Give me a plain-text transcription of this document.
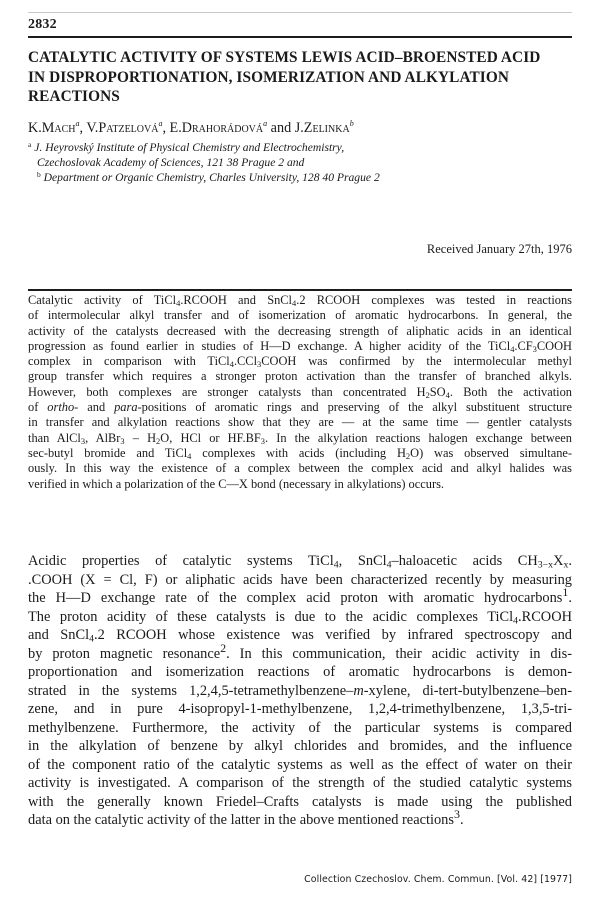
2832
CATALYTIC ACTIVITY OF SYSTEMS LEWIS ACID–BROENSTED ACID
IN DISPROPORTIONATION, ISOMERIZATION AND ALKYLATION
REACTIONS
K.Mach$^a$, V.Patzelová$^a$, E.Drahorádová$^a$ and J.Zelinka$^b$
$^a$ J. Heyrovský Institute of Physical Chemistry and Electrochemistry,
Czechoslovak Academy of Sciences, 121 38 Prague 2 and
$^b$ Department or Organic Chemistry, Charles University, 128 40 Prague 2
Received January 27th, 1976
Catalytic activity of TiCl$_4$.RCOOH and SnCl$_4$.2 RCOOH complexes was tested in reactions
of intermolecular alkyl transfer and of isomerization of aromatic hydrocarbons. In general, the
activity of the catalysts decreased with the decreasing strength of aliphatic acids in an identical
progression as found earlier in studies of H—D exchange. A higher acidity of the $TiCl_4.CF_3COOH$
complex in comparison with TiCl$_4$.CCl$_3$COOH was confirmed by the intermolecular methyl
group transfer which requires a stronger proton activation than the transfer of branched alkyls.
However, both complexes are stronger catalysts than concentrated $H_2SO_4$. Both the activation
of ortho- and para-positions of aromatic rings and preserving of the alkyl substituent structure
in transfer and alkylation reactions show that they are — at the same time — gentler catalysts
than AlCl$_3$, AlBr$_3$ – $H_2O$, HCl or $HF.BF_3$. In the alkylation reactions halogen exchange between
sec-butyl bromide and TiCl$_4$ complexes with acids (including $H_2O$) was observed simultane-
ously. In this way the existence of a complex between the complex acid and alkyl halides was
verified in which a polarization of the C—X bond (necessary in alkylations) occurs.
Acidic properties of catalytic systems TiCl$_4$, SnCl$_4$–haloacetic acids $CH_{3-x}X_x$.
.COOH (X = Cl, F) or aliphatic acids have been characterized recently by measuring
the H—D exchange rate of the complex acid proton with aromatic hydrocarbons$^1$.
The proton acidity of these catalysts is due to the acidic complexes TiCl$_4$.RCOOH
and SnCl$_4$.2 RCOOH whose existence was verified by infrared spectroscopy and
by proton magnetic resonance$^2$. In this communication, their acidic activity in dis-
proportionation and isomerization reactions of aromatic hydrocarbons is demon-
strated in the systems 1,2,4,5-tetramethylbenzene–m-xylene, di-tert-butylbenzene–ben-
zene, and in pure 4-isopropyl-1-methylbenzene, 1,2,4-trimethylbenzene, 1,3,5-tri-
methylbenzene. Furthermore, the activity of the particular systems is compared
in the alkylation of benzene by alkyl chlorides and bromides, and the influence
of the component ratio of the catalytic systems as well as the effect of water on their
activity is investigated. A comparison of the strength of the studied catalytic systems
with the generally known Friedel–Crafts catalysts is made using the published
data on the catalytic activity of the latter in the above mentioned reactions$^3$.
Collection Czechoslov. Chem. Commun. [Vol. 42] [1977]
